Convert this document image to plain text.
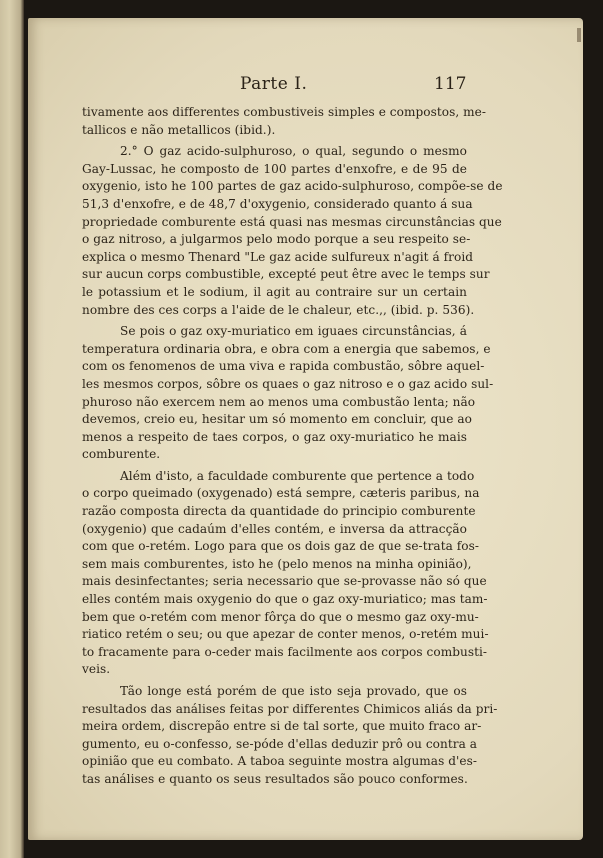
Parte I.	117

tivamente aos differentes combustiveis simples e compostos, me-
tallicos e não metallicos (ibid.).

2.° O gaz acido-sulphuroso, o qual, segundo o mesmo
Gay-Lussac, he composto de 100 partes d'enxofre, e de 95 de
oxygenio, isto he 100 partes de gaz acido-sulphuroso, compõe-se de
51,3 d'enxofre, e de 48,7 d'oxygenio, considerado quanto á sua
propriedade comburente está quasi nas mesmas circunstâncias que
o gaz nitroso, a julgarmos pelo modo porque a seu respeito se-
explica o mesmo Thenard "Le gaz acide sulfureux n'agit á froid
sur aucun corps combustible, excepté peut être avec le temps sur
le potassium et le sodium, il agit au contraire sur un certain
nombre des ces corps a l'aide de le chaleur, etc.,, (ibid. p. 536).

Se pois o gaz oxy-muriatico em iguaes circunstâncias, á
temperatura ordinaria obra, e obra com a energia que sabemos, e
com os fenomenos de uma viva e rapida combustão, sôbre aquel-
les mesmos corpos, sôbre os quaes o gaz nitroso e o gaz acido sul-
phuroso não exercem nem ao menos uma combustão lenta; não
devemos, creio eu, hesitar um só momento em concluir, que ao
menos a respeito de taes corpos, o gaz oxy-muriatico he mais
comburente.

Além d'isto, a faculdade comburente que pertence a todo
o corpo queimado (oxygenado) está sempre, cæteris paribus, na
razão composta directa da quantidade do principio comburente
(oxygenio) que cadaúm d'elles contém, e inversa da attracção
com que o-retém. Logo para que os dois gaz de que se-trata fos-
sem mais comburentes, isto he (pelo menos na minha opinião),
mais desinfectantes; seria necessario que se-provasse não só que
elles contém mais oxygenio do que o gaz oxy-muriatico; mas tam-
bem que o-retém com menor fôrça do que o mesmo gaz oxy-mu-
riatico retém o seu; ou que apezar de conter menos, o-retém mui-
to fracamente para o-ceder mais facilmente aos corpos combusti-
veis.

Tão longe está porém de que isto seja provado, que os
resultados das análises feitas por differentes Chimicos aliás da pri-
meira ordem, discrepão entre si de tal sorte, que muito fraco ar-
gumento, eu o-confesso, se-póde d'ellas deduzir prô ou contra a
opinião que eu combato. A taboa seguinte mostra algumas d'es-
tas análises e quanto os seus resultados são pouco conformes.
